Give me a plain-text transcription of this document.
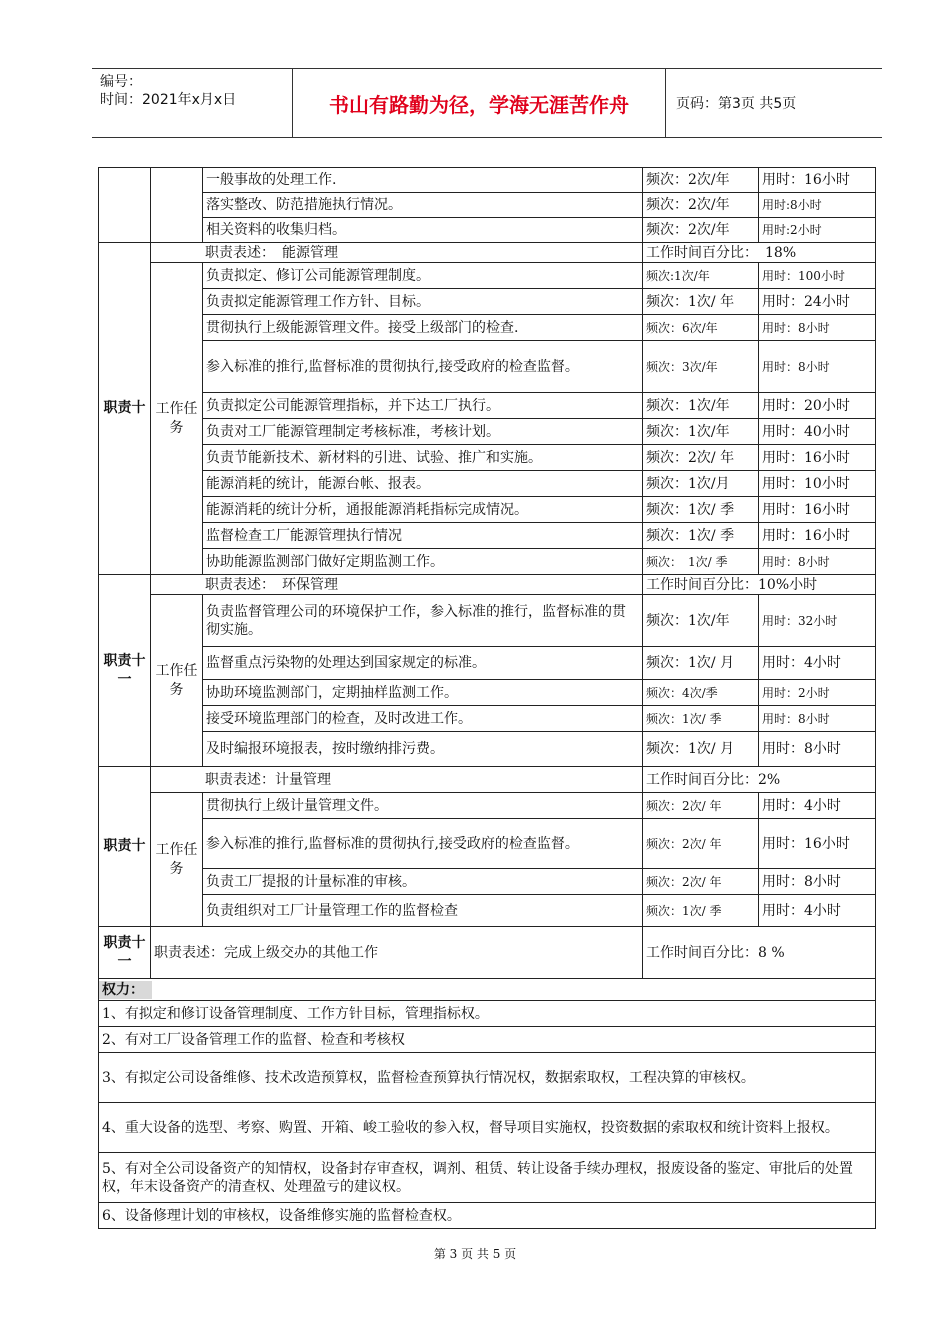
编号：
时间：2021年x月x日	书山有路勤为径，学海无涯苦作舟	页码：第3页 共5页
		一般事故的处理工作.	频次：2次/年	用时：16小时
		落实整改、防范措施执行情况。	频次：2次/年	用时:8小时
		相关资料的收集归档。	频次：2次/年	用时:2小时
职责十	职责表述：　能源管理		工作时间百分比：　18%	
	工作任务	负责拟定、修订公司能源管理制度。	频次:1次/年	用时：100小时
		负责拟定能源管理工作方针、目标。	频次：1次/ 年	用时：24小时
		贯彻执行上级能源管理文件。接受上级部门的检查.	频次：6次/年	用时：8小时
		参入标准的推行,监督标准的贯彻执行,接受政府的检查监督。	频次：3次/年	用时：8小时
		负责拟定公司能源管理指标，并下达工厂执行。	频次：1次/年	用时：20小时
		负责对工厂能源管理制定考核标准，考核计划。	频次：1次/年	用时：40小时
		负责节能新技术、新材料的引进、试验、推广和实施。	频次：2次/ 年	用时：16小时
		能源消耗的统计，能源台帐、报表。	频次：1次/月	用时：10小时
		能源消耗的统计分析，通报能源消耗指标完成情况。	频次：1次/ 季	用时：16小时
		监督检查工厂能源管理执行情况	频次：1次/ 季	用时：16小时
		协助能源监测部门做好定期监测工作。	频次：　1次/ 季	用时：8小时
职责十一	职责表述：　环保管理		工作时间百分比：10%小时	
	工作任务	负责监督管理公司的环境保护工作，参入标准的推行，监督标准的贯彻实施。	频次：1次/年	用时：32小时
		监督重点污染物的处理达到国家规定的标准。	频次：1次/ 月	用时：4小时
		协助环境监测部门，定期抽样监测工作。	频次：4次/季	用时：2小时
		接受环境监理部门的检查，及时改进工作。	频次：1次/ 季	用时：8小时
		及时编报环境报表，按时缴纳排污费。	频次：1次/ 月	用时：8小时
职责十	职责表述：计量管理		工作时间百分比：2%	
	工作任务	贯彻执行上级计量管理文件。	频次：2次/ 年	用时：4小时
		参入标准的推行,监督标准的贯彻执行,接受政府的检查监督。	频次：2次/ 年	用时：16小时
		负责工厂提报的计量标准的审核。	频次：2次/ 年	用时：8小时
		负责组织对工厂计量管理工作的监督检查	频次：1次/ 季	用时：4小时
职责十一	职责表述：完成上级交办的其他工作		工作时间百分比：8 %	
权力：				
1、有拟定和修订设备管理制度、工作方针目标，管理指标权。				
2、有对工厂设备管理工作的监督、检查和考核权				
3、有拟定公司设备维修、技术改造预算权，监督检查预算执行情况权，数据索取权，工程决算的审核权。				
4、重大设备的选型、考察、购置、开箱、峻工验收的参入权，督导项目实施权，投资数据的索取权和统计资料上报权。				
5、有对全公司设备资产的知情权，设备封存审查权，调剂、租赁、转让设备手续办理权，报废设备的鉴定、审批后的处置权，年末设备资产的清查权、处理盈亏的建议权。				
6、设备修理计划的审核权，设备维修实施的监督检查权。				
第 3 页 共 5 页
